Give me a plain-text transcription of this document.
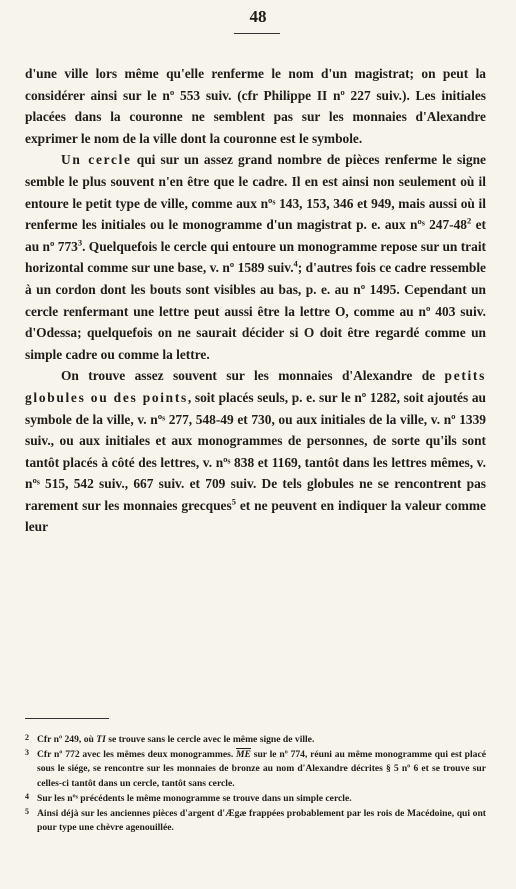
48

d'une ville lors même qu'elle renferme le nom d'un magistrat; on peut la considérer ainsi sur le nº 553 suiv. (cfr Philippe II nº 227 suiv.). Les initiales placées dans la couronne ne semblent pas sur les monnaies d'Alexandre exprimer le nom de la ville dont la couronne est le symbole.

Un cercle qui sur un assez grand nombre de pièces renferme le signe semble le plus souvent n'en être que le cadre. Il en est ainsi non seulement où il entoure le petit type de ville, comme aux nºˢ 143, 153, 346 et 949, mais aussi où il renferme les initiales ou le monogramme d'un magistrat p. e. aux nºˢ $247-48^2$ et au nº $773^3$. Quelquefois le cercle qui entoure un monogramme repose sur un trait horizontal comme sur une base, v. nº 1589 suiv.$^4$; d'autres fois ce cadre ressemble à un cordon dont les bouts sont visibles au bas, p. e. au nº 1495. Cependant un cercle renfermant une lettre peut aussi être la lettre O, comme au nº 403 suiv. d'Odessa; quelquefois on ne saurait décider si O doit être regardé comme un simple cadre ou comme la lettre.

On trouve assez souvent sur les monnaies d'Alexandre de petits globules ou des points, soit placés seuls, p. e. sur le nº 1282, soit ajoutés au symbole de la ville, v. nºˢ 277, 548-49 et 730, ou aux initiales de la ville, v. nº 1339 suiv., ou aux initiales et aux monogrammes de personnes, de sorte qu'ils sont tantôt placés à côté des lettres, v. nºˢ 838 et 1169, tantôt dans les lettres mêmes, v. nºˢ 515, 542 suiv., 667 suiv. et 709 suiv. De tels globules ne se rencontrent pas rarement sur les monnaies grecques$^5$ et ne peuvent en indiquer la valeur comme leur

2 Cfr nº 249, où TI se trouve sans le cercle avec le même signe de ville.

3 Cfr nº 772 avec les mêmes deux monogrammes. $\overline{ME}$ sur le nº 774, réuni au même monogramme qui est placé sous le siége, se rencontre sur les monnaies de bronze au nom d'Alexandre décrites § 5 nº 6 et se trouve sur celles-ci tantôt dans un cercle, tantôt sans cercle.

4 Sur les nºˢ précédents le même monogramme se trouve dans un simple cercle.

5 Ainsi déjà sur les anciennes pièces d'argent d'Ægæ frappées probablement par les rois de Macédoine, qui ont pour type une chèvre agenouillée.
